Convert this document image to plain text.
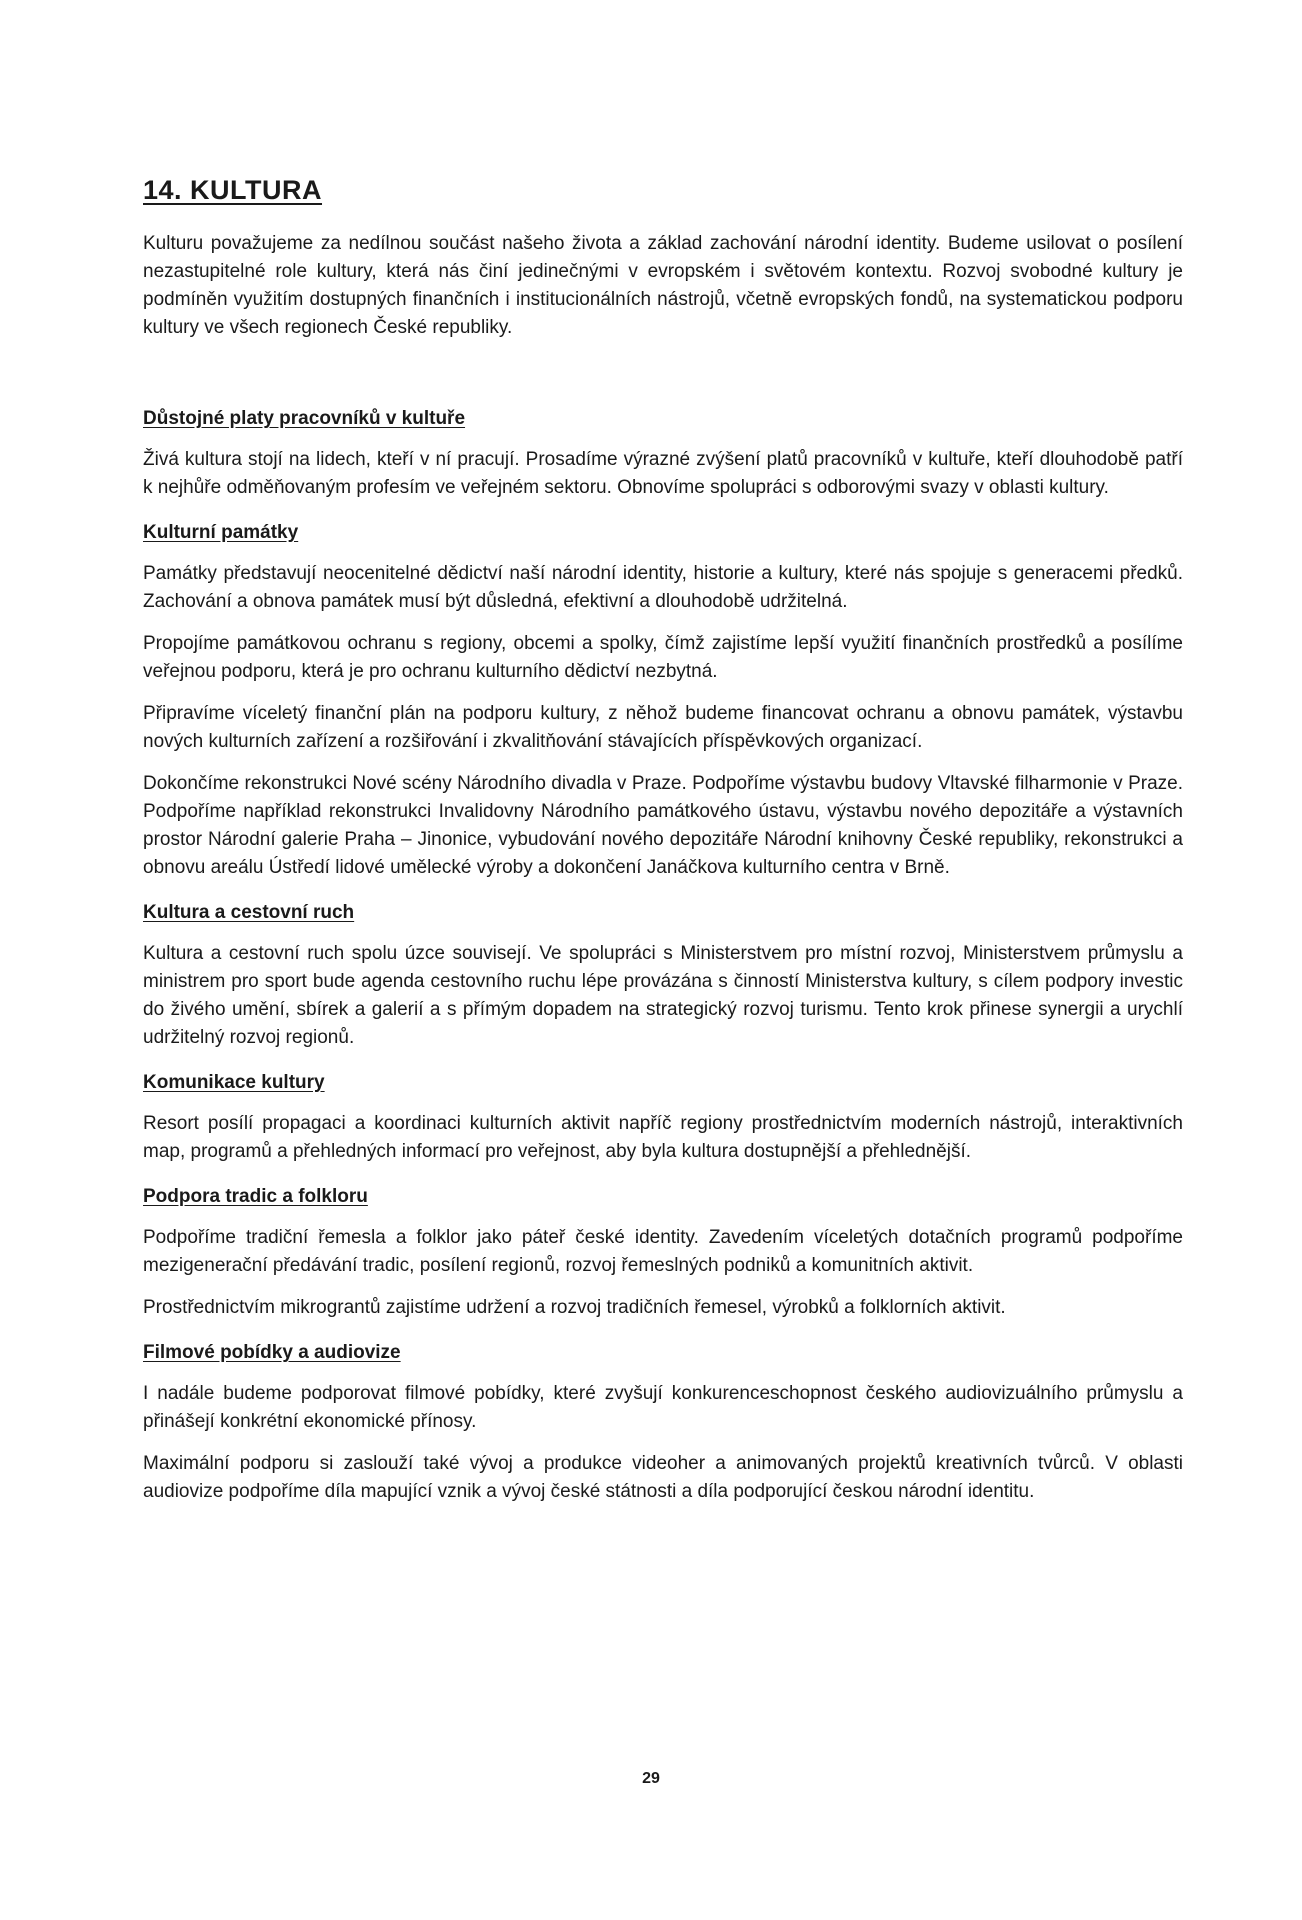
14. KULTURA

Kulturu považujeme za nedílnou součást našeho života a základ zachování národní identity. Budeme usilovat o posílení nezastupitelné role kultury, která nás činí jedinečnými v evropském i světovém kontextu. Rozvoj svobodné kultury je podmíněn využitím dostupných finančních i institucionálních nástrojů, včetně evropských fondů, na systematickou podporu kultury ve všech regionech České republiky.

Důstojné platy pracovníků v kultuře

Živá kultura stojí na lidech, kteří v ní pracují. Prosadíme výrazné zvýšení platů pracovníků v kultuře, kteří dlouhodobě patří k nejhůře odměňovaným profesím ve veřejném sektoru. Obnovíme spolupráci s odborovými svazy v oblasti kultury.

Kulturní památky

Památky představují neocenitelné dědictví naší národní identity, historie a kultury, které nás spojuje s generacemi předků. Zachování a obnova památek musí být důsledná, efektivní a dlouhodobě udržitelná.

Propojíme památkovou ochranu s regiony, obcemi a spolky, čímž zajistíme lepší využití finančních prostředků a posílíme veřejnou podporu, která je pro ochranu kulturního dědictví nezbytná.

Připravíme víceletý finanční plán na podporu kultury, z něhož budeme financovat ochranu a obnovu památek, výstavbu nových kulturních zařízení a rozšiřování i zkvalitňování stávajících příspěvkových organizací.

Dokončíme rekonstrukci Nové scény Národního divadla v Praze. Podpoříme výstavbu budovy Vltavské filharmonie v Praze. Podpoříme například rekonstrukci Invalidovny Národního památkového ústavu, výstavbu nového depozitáře a výstavních prostor Národní galerie Praha – Jinonice, vybudování nového depozitáře Národní knihovny České republiky, rekonstrukci a obnovu areálu Ústředí lidové umělecké výroby a dokončení Janáčkova kulturního centra v Brně.

Kultura a cestovní ruch

Kultura a cestovní ruch spolu úzce souvisejí. Ve spolupráci s Ministerstvem pro místní rozvoj, Ministerstvem průmyslu a ministrem pro sport bude agenda cestovního ruchu lépe provázána s činností Ministerstva kultury, s cílem podpory investic do živého umění, sbírek a galerií a s přímým dopadem na strategický rozvoj turismu. Tento krok přinese synergii a urychlí udržitelný rozvoj regionů.

Komunikace kultury

Resort posílí propagaci a koordinaci kulturních aktivit napříč regiony prostřednictvím moderních nástrojů, interaktivních map, programů a přehledných informací pro veřejnost, aby byla kultura dostupnější a přehlednější.

Podpora tradic a folkloru

Podpoříme tradiční řemesla a folklor jako páteř české identity. Zavedením víceletých dotačních programů podpoříme mezigenerační předávání tradic, posílení regionů, rozvoj řemeslných podniků a komunitních aktivit.

Prostřednictvím mikrograntů zajistíme udržení a rozvoj tradičních řemesel, výrobků a folklorních aktivit.

Filmové pobídky a audiovize

I nadále budeme podporovat filmové pobídky, které zvyšují konkurenceschopnost českého audiovizuálního průmyslu a přinášejí konkrétní ekonomické přínosy.

Maximální podporu si zaslouží také vývoj a produkce videoher a animovaných projektů kreativních tvůrců. V oblasti audiovize podpoříme díla mapující vznik a vývoj české státnosti a díla podporující českou národní identitu.

29
